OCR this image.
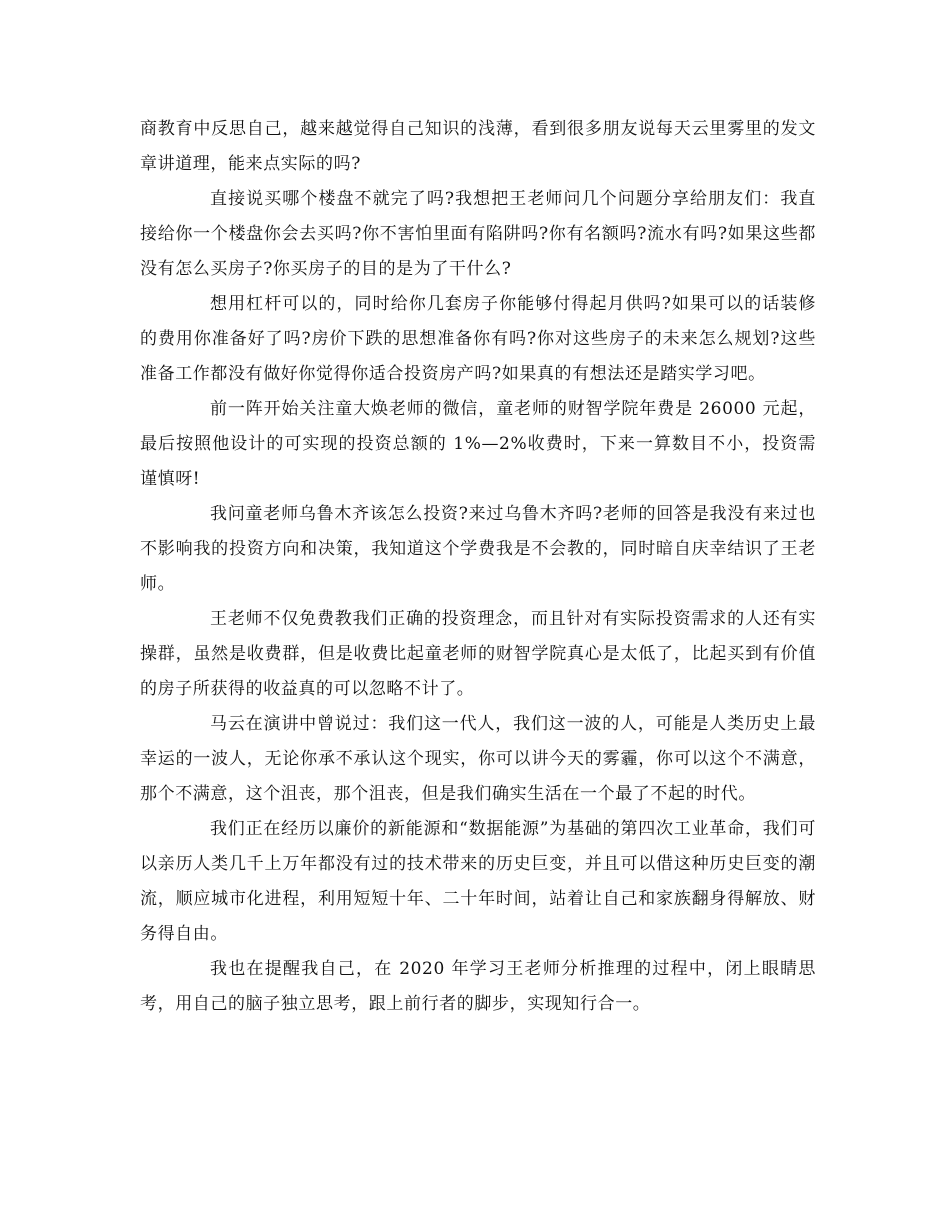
商教育中反思自己，越来越觉得自己知识的浅薄，看到很多朋友说每天云里雾里的发文章讲道理，能来点实际的吗?

直接说买哪个楼盘不就完了吗?我想把王老师问几个问题分享给朋友们：我直接给你一个楼盘你会去买吗?你不害怕里面有陷阱吗?你有名额吗?流水有吗?如果这些都没有怎么买房子?你买房子的目的是为了干什么?

想用杠杆可以的，同时给你几套房子你能够付得起月供吗?如果可以的话装修的费用你准备好了吗?房价下跌的思想准备你有吗?你对这些房子的未来怎么规划?这些准备工作都没有做好你觉得你适合投资房产吗?如果真的有想法还是踏实学习吧。

前一阵开始关注童大焕老师的微信，童老师的财智学院年费是 26000 元起，最后按照他设计的可实现的投资总额的 1%—2%收费时，下来一算数目不小，投资需谨慎呀!

我问童老师乌鲁木齐该怎么投资?来过乌鲁木齐吗?老师的回答是我没有来过也不影响我的投资方向和决策，我知道这个学费我是不会教的，同时暗自庆幸结识了王老师。

王老师不仅免费教我们正确的投资理念，而且针对有实际投资需求的人还有实操群，虽然是收费群，但是收费比起童老师的财智学院真心是太低了，比起买到有价值的房子所获得的收益真的可以忽略不计了。

马云在演讲中曾说过：我们这一代人，我们这一波的人，可能是人类历史上最幸运的一波人，无论你承不承认这个现实，你可以讲今天的雾霾，你可以这个不满意，那个不满意，这个沮丧，那个沮丧，但是我们确实生活在一个最了不起的时代。

我们正在经历以廉价的新能源和“数据能源”为基础的第四次工业革命，我们可以亲历人类几千上万年都没有过的技术带来的历史巨变，并且可以借这种历史巨变的潮流，顺应城市化进程，利用短短十年、二十年时间，站着让自己和家族翻身得解放、财务得自由。

我也在提醒我自己，在 2020 年学习王老师分析推理的过程中，闭上眼睛思考，用自己的脑子独立思考，跟上前行者的脚步，实现知行合一。
